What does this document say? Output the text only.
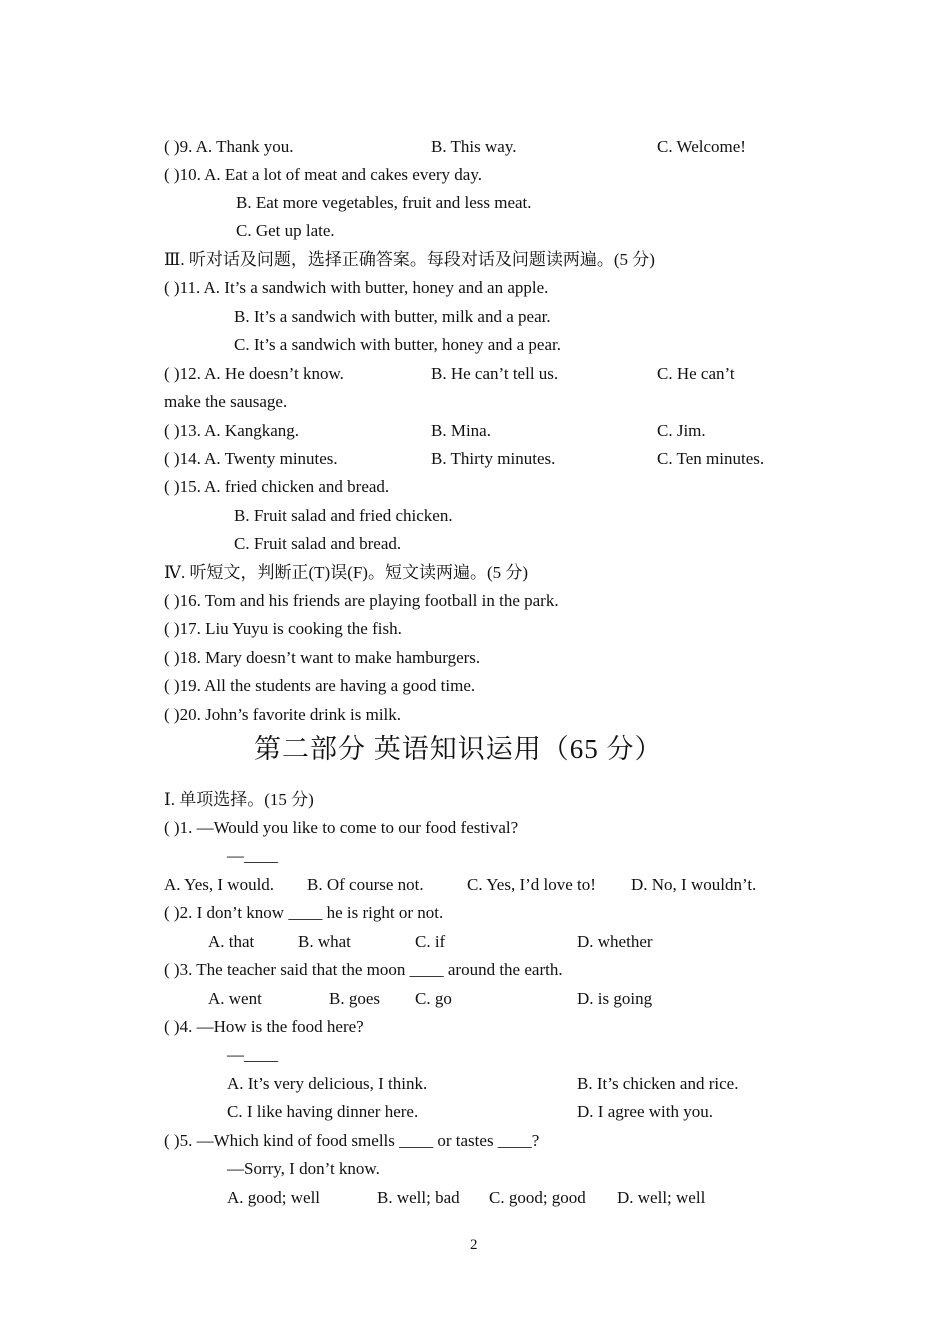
( )9. A. Thank you.	B. This way.	C. Welcome!
( )10. A. Eat a lot of meat and cakes every day.
B. Eat more vegetables, fruit and less meat.
C. Get up late.
Ⅲ. 听对话及问题，选择正确答案。每段对话及问题读两遍。(5 分)
( )11. A. It’s a sandwich with butter, honey and an apple.
B. It’s a sandwich with butter, milk and a pear.
C. It’s a sandwich with butter, honey and a pear.
( )12. A. He doesn’t know.	B. He can’t tell us.	C. He can’t
make the sausage.
( )13. A. Kangkang.	B. Mina.	C. Jim.
( )14. A. Twenty minutes.	B. Thirty minutes.	C. Ten minutes.
( )15. A. fried chicken and bread.
B. Fruit salad and fried chicken.
C. Fruit salad and bread.
Ⅳ. 听短文，判断正(T)误(F)。短文读两遍。(5 分)
( )16. Tom and his friends are playing football in the park.
( )17. Liu Yuyu is cooking the fish.
( )18. Mary doesn’t want to make hamburgers.
( )19. All the students are having a good time.
( )20. John’s favorite drink is milk.
第二部分 英语知识运用（65 分）
Ⅰ. 单项选择。(15 分)
( )1. —Would you like to come to our food festival?
—____
A. Yes, I would. B. Of course not.	C. Yes, I’d love to! D. No, I wouldn’t.
( )2. I don’t know ____ he is right or not.
A. that	B. what	C. if	D. whether
( )3. The teacher said that the moon ____ around the earth.
A. went	B. goes C. go	D. is going
( )4. —How is the food here?
—____
A. It’s very delicious, I think.	B. It’s chicken and rice.
C. I like having dinner here.	D. I agree with you.
( )5. —Which kind of food smells ____ or tastes ____?
—Sorry, I don’t know.
A. good; well	B. well; bad C. good; good D. well; well
2
